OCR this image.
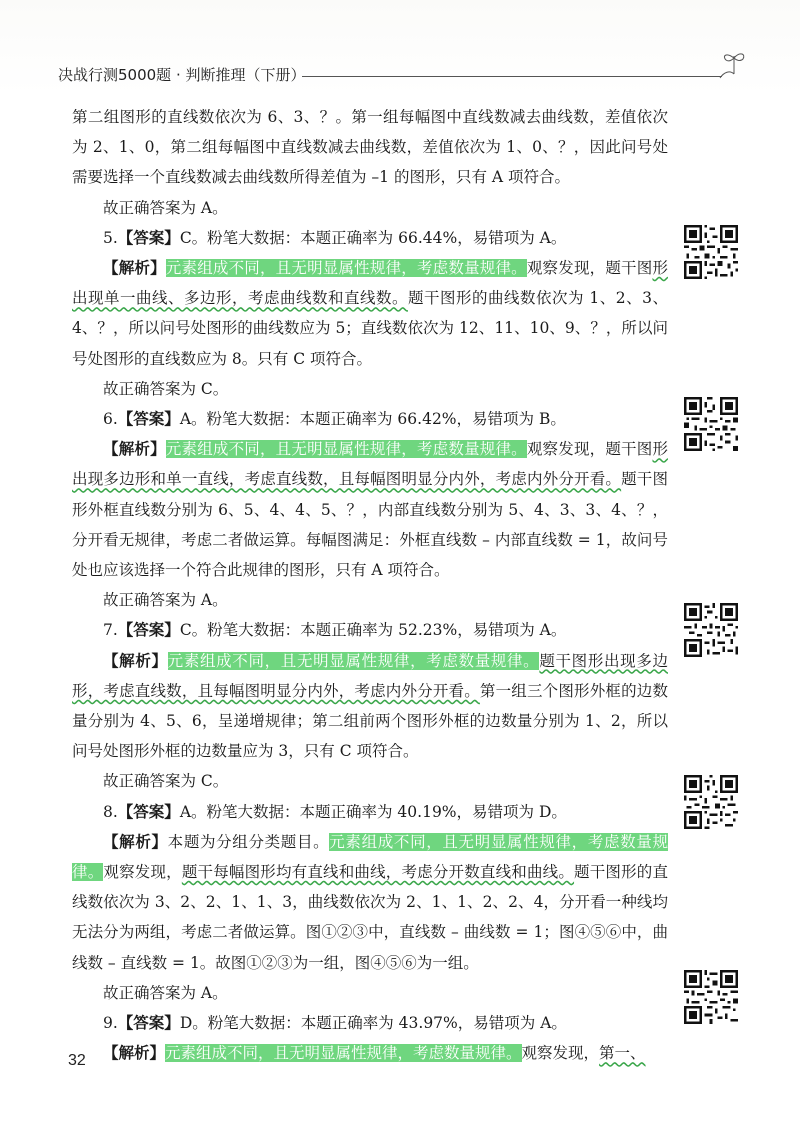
决战行测5000题 · 判断推理（下册）

第二组图形的直线数依次为 6、3、？。第一组每幅图中直线数减去曲线数，差值依次为 2、1、0，第二组每幅图中直线数减去曲线数，差值依次为 1、0、？，因此问号处需要选择一个直线数减去曲线数所得差值为 –1 的图形，只有 A 项符合。

故正确答案为 A。

5.【答案】C。粉笔大数据：本题正确率为 66.44%，易错项为 A。

【解析】元素组成不同，且无明显属性规律，考虑数量规律。观察发现，题干图形出现单一曲线、多边形，考虑曲线数和直线数。题干图形的曲线数依次为 1、2、3、4、？，所以问号处图形的曲线数应为 5；直线数依次为 12、11、10、9、？，所以问号处图形的直线数应为 8。只有 C 项符合。

故正确答案为 C。

6.【答案】A。粉笔大数据：本题正确率为 66.42%，易错项为 B。

【解析】元素组成不同，且无明显属性规律，考虑数量规律。观察发现，题干图形出现多边形和单一直线，考虑直线数，且每幅图明显分内外，考虑内外分开看。题干图形外框直线数分别为 6、5、4、4、5、？，内部直线数分别为 5、4、3、3、4、？，分开看无规律，考虑二者做运算。每幅图满足：外框直线数 – 内部直线数 = 1，故问号处也应该选择一个符合此规律的图形，只有 A 项符合。

故正确答案为 A。

7.【答案】C。粉笔大数据：本题正确率为 52.23%，易错项为 A。

【解析】元素组成不同，且无明显属性规律，考虑数量规律。题干图形出现多边形，考虑直线数，且每幅图明显分内外，考虑内外分开看。第一组三个图形外框的边数量分别为 4、5、6，呈递增规律；第二组前两个图形外框的边数量分别为 1、2，所以问号处图形外框的边数量应为 3，只有 C 项符合。

故正确答案为 C。

8.【答案】A。粉笔大数据：本题正确率为 40.19%，易错项为 D。

【解析】本题为分组分类题目。元素组成不同，且无明显属性规律，考虑数量规律。观察发现，题干每幅图形均有直线和曲线，考虑分开数直线和曲线。题干图形的直线数依次为 3、2、2、1、1、3，曲线数依次为 2、1、1、2、2、4，分开看一种线均无法分为两组，考虑二者做运算。图①②③中，直线数 – 曲线数 = 1；图④⑤⑥中，曲线数 – 直线数 = 1。故图①②③为一组，图④⑤⑥为一组。

故正确答案为 A。

9.【答案】D。粉笔大数据：本题正确率为 43.97%，易错项为 A。

【解析】元素组成不同，且无明显属性规律，考虑数量规律。观察发现，第一、

32
